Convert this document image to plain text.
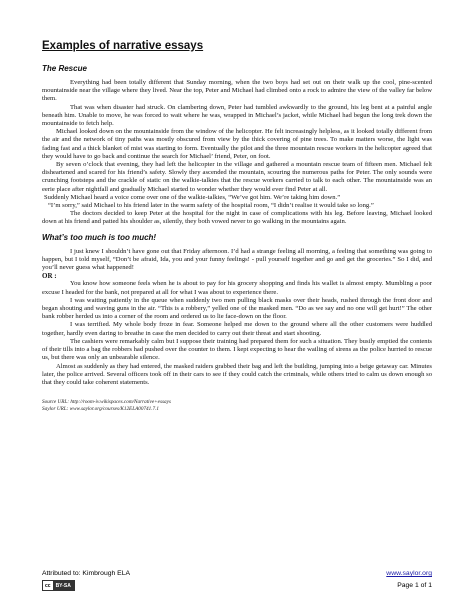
Examples of narrative essays
The Rescue

Everything had been totally different that Sunday morning, when the two boys had set out on their walk up the cool, pine-scented mountainside near the village where they lived. Near the top, Peter and Michael had climbed onto a rock to admire the view of the valley far below them.

That was when disaster had struck. On clambering down, Peter had tumbled awkwardly to the ground, his leg bent at a painful angle beneath him. Unable to move, he was forced to wait where he was, wrapped in Michael’s jacket, while Michael had begun the long trek down the mountainside to fetch help.

Michael looked down on the mountainside from the window of the helicopter. He felt increasingly helpless, as it looked totally different from the air and the network of tiny paths was mostly obscured from view by the thick covering of pine trees. To make matters worse, the light was fading fast and a thick blanket of mist was starting to form. Eventually the pilot and the three mountain rescue workers in the helicopter agreed that they would have to go back and continue the search for Michael’ friend, Peter, on foot.

By seven o’clock that evening, they had left the helicopter in the village and gathered a mountain rescue team of fifteen men. Michael felt disheartened and scared for his friend’s safety. Slowly they ascended the mountain, scouring the numerous paths for Peter. The only sounds were crunching footsteps and the crackle of static on the walkie-talkies that the rescue workers carried to talk to each other. The mountainside was an eerie place after nightfall and gradually Michael started to wonder whether they would ever find Peter at all.

Suddenly Michael heard a voice come over one of the walkie-talkies, “We’ve got him. We’re taking him down.”

“I’m sorry,” said Michael to his friend later in the warm safety of the hospital room, “I didn’t realise it would take so long.”

The doctors decided to keep Peter at the hospital for the night in case of complications with his leg. Before leaving, Michael looked down at his friend and patted his shoulder as, silently, they both vowed never to go walking in the mountains again.

What’s too much is too much!

I just knew I shouldn’t have gone out that Friday afternoon. I’d had a strange feeling all morning, a feeling that something was going to happen, but I told myself, “Don’t be afraid, Ida, you and your funny feelings! - pull yourself together and go and get the groceries.” So I did, and you’ll never guess what happened!

OR :

You know how someone feels when he is about to pay for his grocery shopping and finds his wallet is almost empty. Mumbling a poor excuse I headed for the bank, not prepared at all for what I was about to experience there.

I was waiting patiently in the queue when suddenly two men pulling black masks over their heads, rushed through the front door and began shouting and waving guns in the air. “This is a robbery,” yelled one of the masked men. “Do as we say and no one will get hurt!” The other bank robber herded us into a corner of the room and ordered us to lie face-down on the floor.

I was terrified. My whole body froze in fear. Someone helped me down to the ground where all the other customers were huddled together, hardly even daring to breathe in case the men decided to carry out their threat and start shooting.

The cashiers were remarkably calm but I suppose their training had prepared them for such a situation. They busily emptied the contents of their tills into a bag the robbers had pushed over the counter to them. I kept expecting to hear the wailing of sirens as the police hurried to rescue us, but there was only an unbearable silence.

Almost as suddenly as they had entered, the masked raiders grabbed their bag and left the building, jumping into a beige getaway car. Minutes later, the police arrived. Several officers took off in their cars to see if they could catch the criminals, while others tried to calm us down enough so that they could take coherent statements.

Source URL: http://room-iv.wikispaces.com/Narrative+essays
Saylor URL: www.saylor.org/courses/K12ELA00741.7.1
Attributed to: Kimbrough ELA	www.saylor.org
cc	BY-SA	Page 1 of 1
